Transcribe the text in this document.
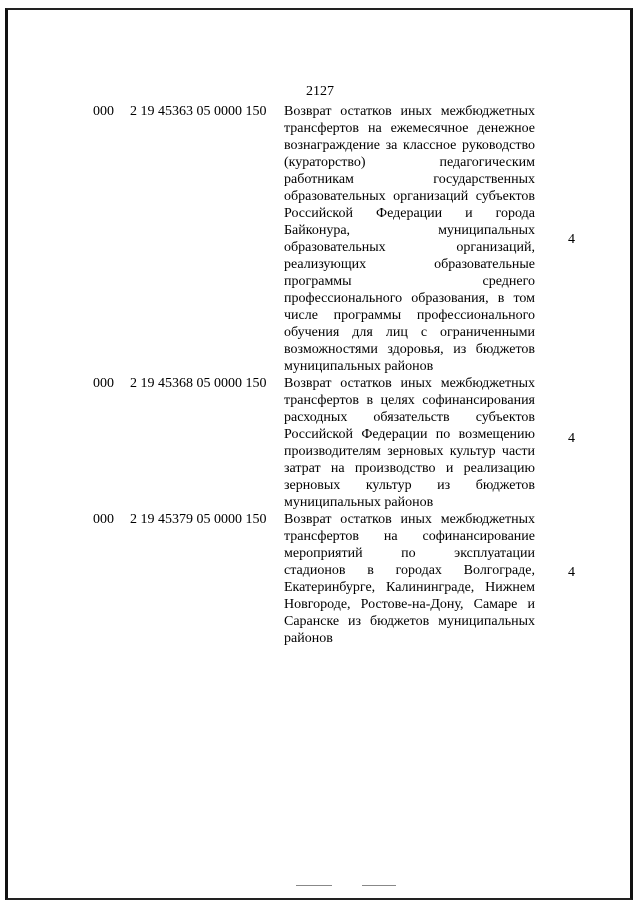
2127
000 2 19 45363 05 0000 150 Возврат остатков иных межбюджетных
трансфертов на ежемесячное денежное
вознаграждение за классное руководство
(кураторство) педагогическим
работникам государственных
образовательных организаций субъектов
Российской Федерации и города
Байконура, муниципальных
образовательных организаций,
реализующих образовательные
программы среднего
профессионального образования, в том
числе программы профессионального
обучения для лиц с ограниченными
возможностями здоровья, из бюджетов
муниципальных районов
4
000 2 19 45368 05 0000 150 Возврат остатков иных межбюджетных
трансфертов в целях софинансирования
расходных обязательств субъектов
Российской Федерации по возмещению
производителям зерновых культур части
затрат на производство и реализацию
зерновых культур из бюджетов
муниципальных районов
4
000 2 19 45379 05 0000 150 Возврат остатков иных межбюджетных
трансфертов на софинансирование
мероприятий по эксплуатации
стадионов в городах Волгограде,
Екатеринбурге, Калининграде, Нижнем
Новгороде, Ростове-на-Дону, Самаре и
Саранске из бюджетов муниципальных
районов
4
